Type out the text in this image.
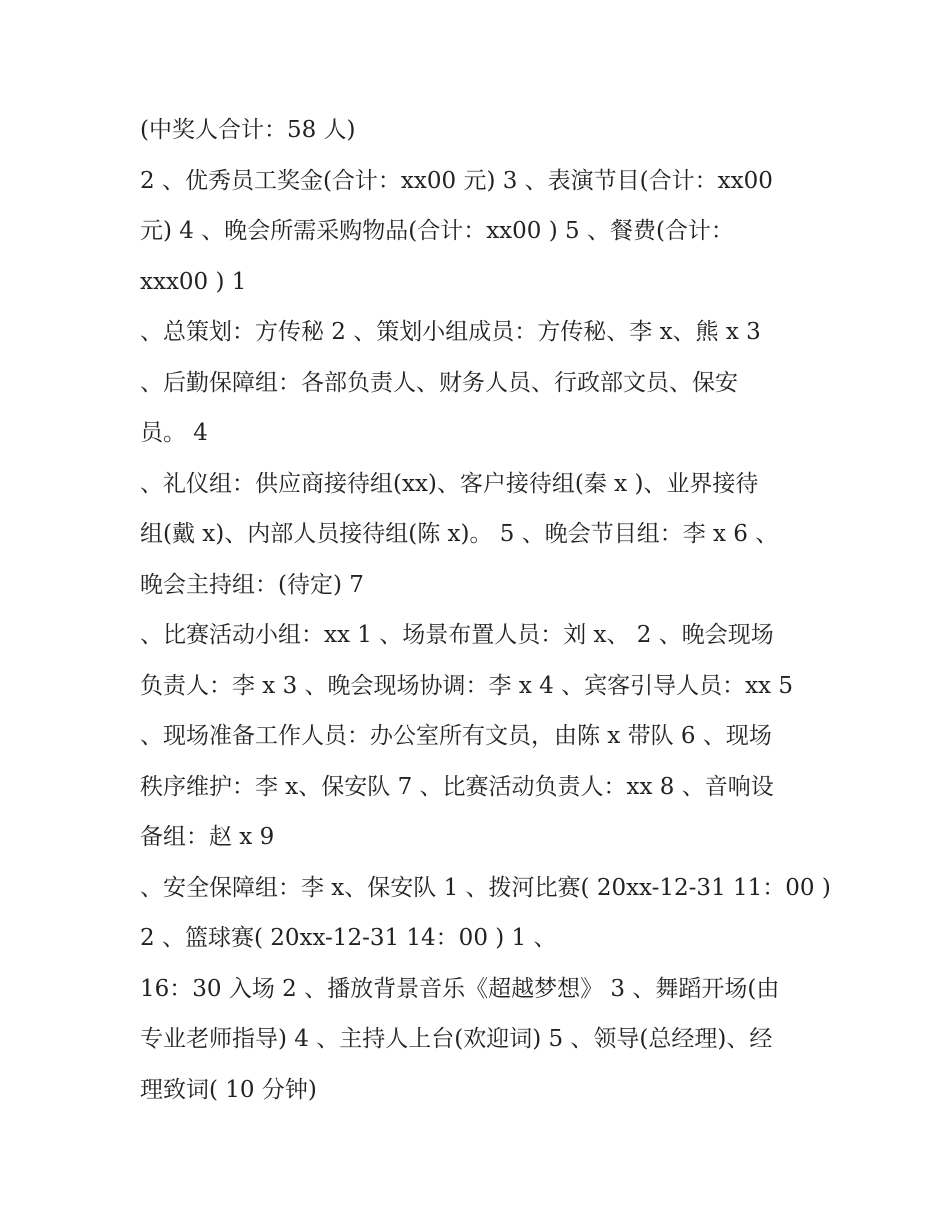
(中奖人合计：58 人)
2 、优秀员工奖金(合计：xx00 元) 3 、表演节目(合计：xx00
元) 4 、晚会所需采购物品(合计：xx00 ) 5 、餐费(合计：
xxx00 ) 1
、总策划：方传秘 2 、策划小组成员：方传秘、李 x、熊 x 3
、后勤保障组：各部负责人、财务人员、行政部文员、保安
员。 4
、礼仪组：供应商接待组(xx)、客户接待组(秦 x )、业界接待
组(戴 x)、内部人员接待组(陈 x)。 5 、晚会节目组：李 x 6 、
晚会主持组：(待定) 7
、比赛活动小组：xx 1 、场景布置人员：刘 x、 2 、晚会现场
负责人：李 x 3 、晚会现场协调：李 x 4 、宾客引导人员：xx 5
、现场准备工作人员：办公室所有文员，由陈 x 带队 6 、现场
秩序维护：李 x、保安队 7 、比赛活动负责人：xx 8 、音响设
备组：赵 x 9
、安全保障组：李 x、保安队 1 、拨河比赛( 20xx-12-31 11：00 )
2 、篮球赛( 20xx-12-31 14：00 ) 1 、
16：30 入场 2 、播放背景音乐《超越梦想》 3 、舞蹈开场(由
专业老师指导) 4 、主持人上台(欢迎词) 5 、领导(总经理)、经
理致词( 10 分钟)
